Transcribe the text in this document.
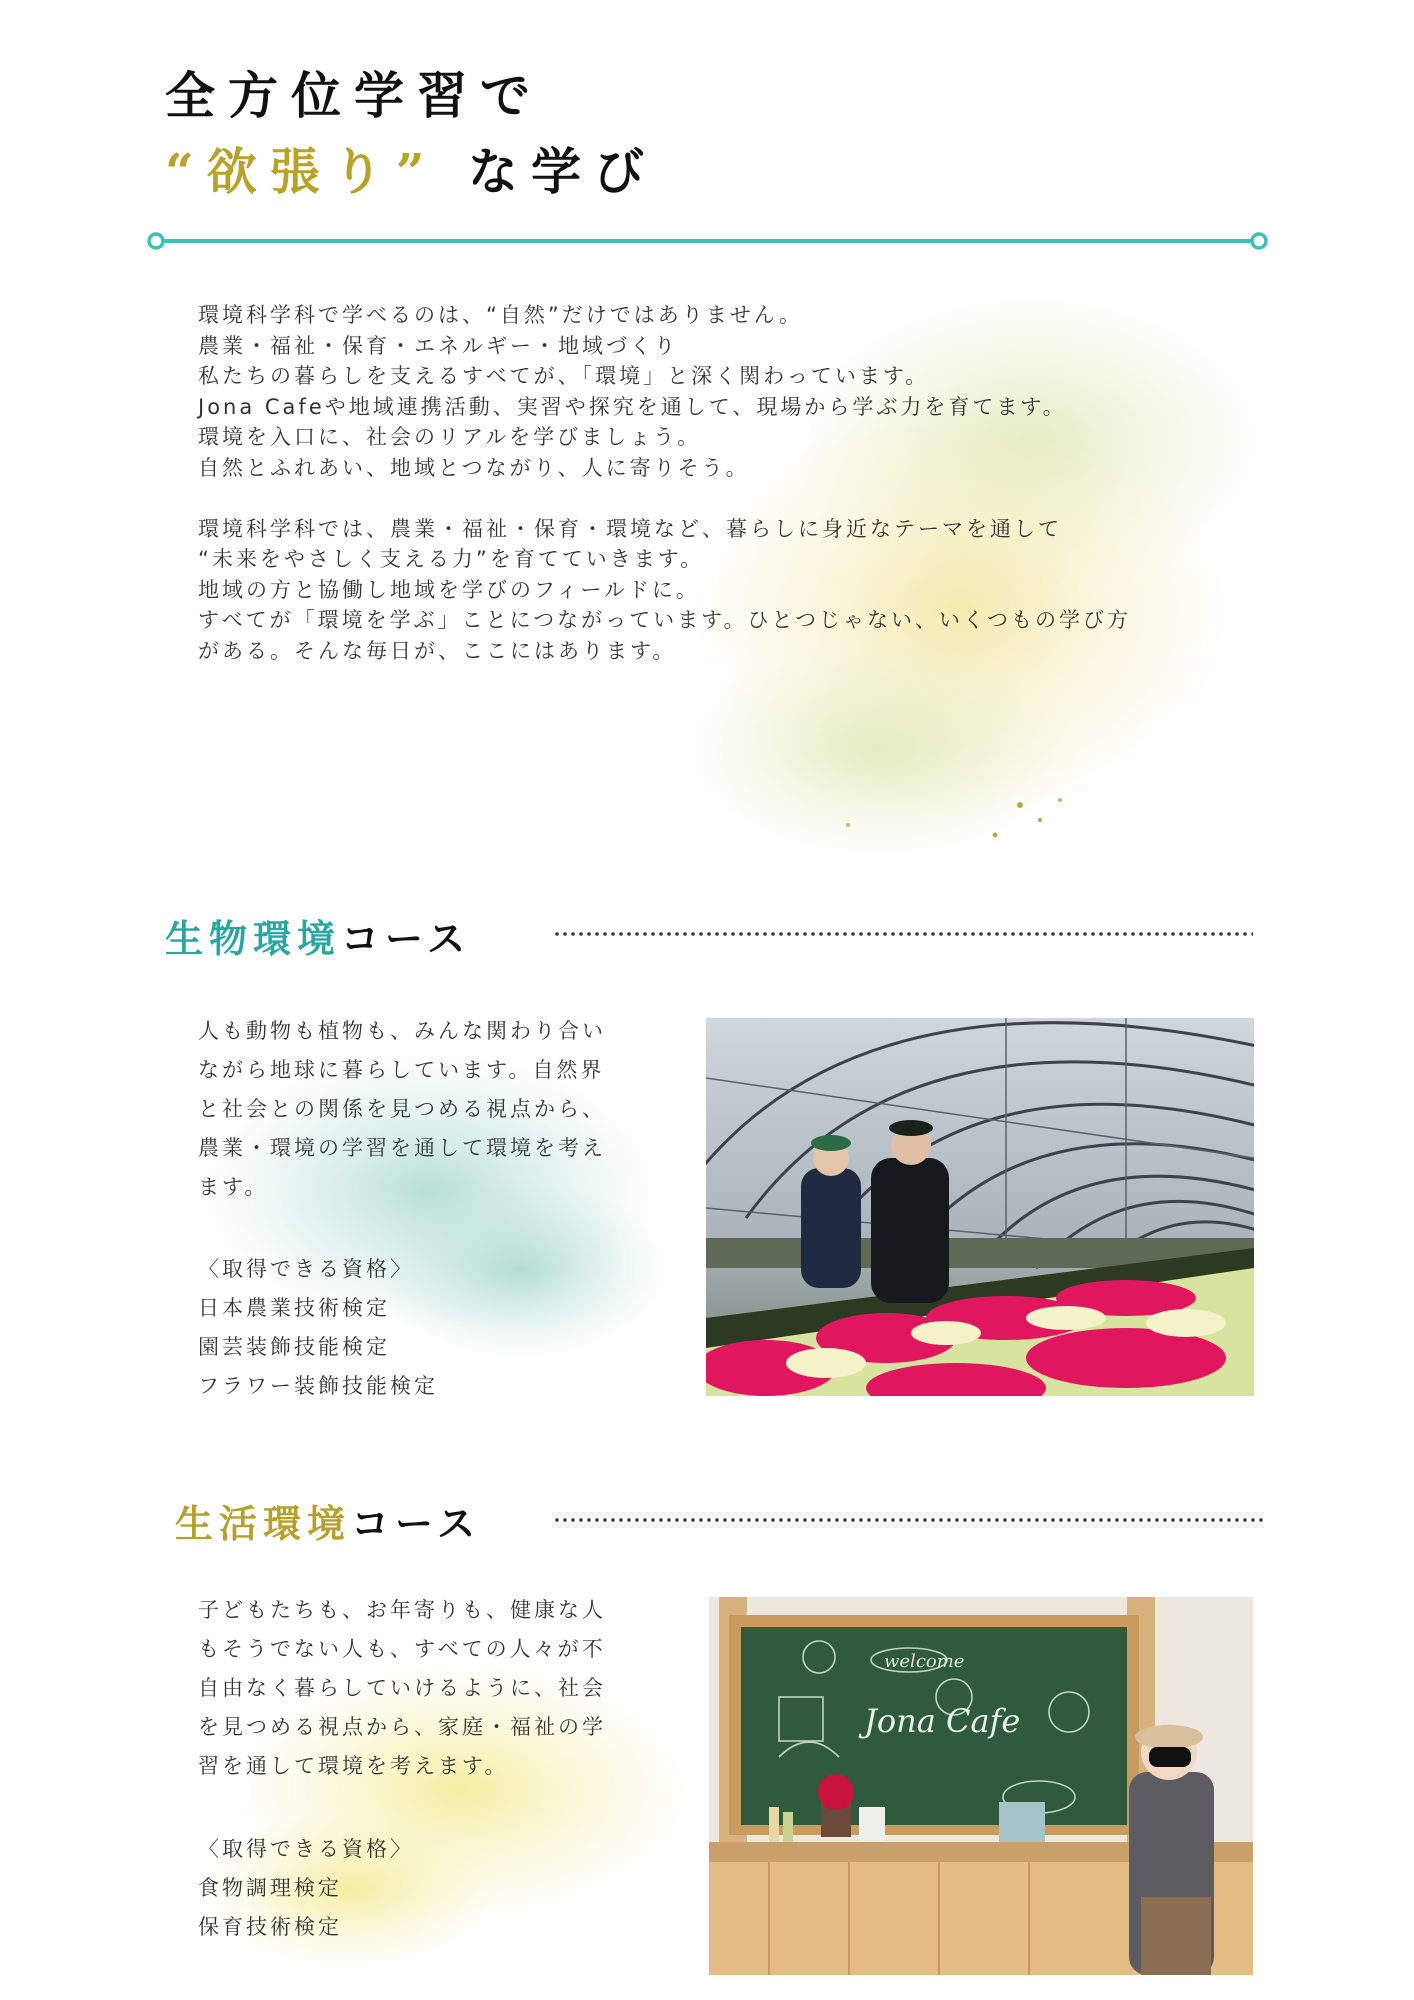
全方位学習で
“欲張り” な学び

環境科学科で学べるのは、“自然”だけではありません。

農業・福祉・保育・エネルギー・地域づくり

私たちの暮らしを支えるすべてが、「環境」と深く関わっています。

Jona Cafeや地域連携活動、実習や探究を通して、現場から学ぶ力を育てます。

環境を入口に、社会のリアルを学びましょう。

自然とふれあい、地域とつながり、人に寄りそう。

環境科学科では、農業・福祉・保育・環境など、暮らしに身近なテーマを通して

“未来をやさしく支える力”を育てていきます。

地域の方と協働し地域を学びのフィールドに。

すべてが「環境を学ぶ」ことにつながっています。ひとつじゃない、いくつもの学び方

がある。そんな毎日が、ここにはあります。

生物環境コース

人も動物も植物も、みんな関わり合い

ながら地球に暮らしています。自然界

と社会との関係を見つめる視点から、

農業・環境の学習を通して環境を考え

ます。

〈取得できる資格〉

日本農業技術検定

園芸装飾技能検定

フラワー装飾技能検定

生活環境コース

子どもたちも、お年寄りも、健康な人

もそうでない人も、すべての人々が不

自由なく暮らしていけるように、社会

を見つめる視点から、家庭・福祉の学

習を通して環境を考えます。

〈取得できる資格〉

食物調理検定

保育技術検定

welcome
Jona Cafe
